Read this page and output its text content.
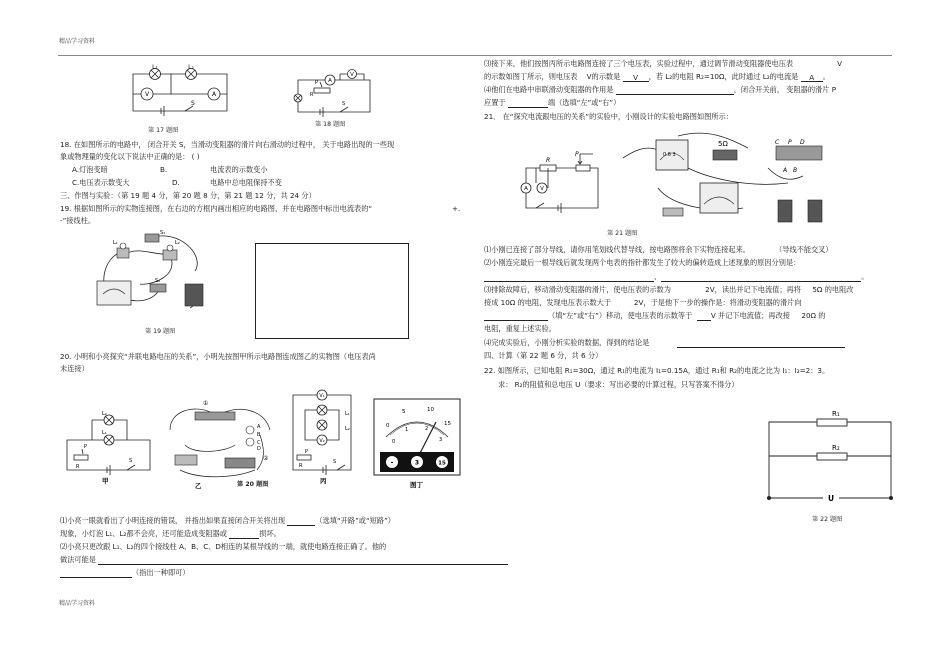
精品学习资料
精品学习资料
L₁	L₂
V	A
S
第 17 题图
A
V
P
R
S
第 18 题图
18. 在如图所示的电路中， 闭合开关 S，当滑动变阻器的滑片向右滑动的过程中， 关于电路出现的一些现
象或物理量的变化以下说法中正确的是： ( )
A.灯泡变暗	B.	电流表的示数变小
C.电压表示数变大	D.	电路中总电阻保持不变
三、作图与实验：（第 19 题 4 分，第 20 题 8 分，第 21 题 12 分，共 24 分）
19. 根据如图所示的实物连接图，在右边的方框内画出相应的电路图，并在电路图中标出电流表的“	+.
-”接线柱。
L₁	L₂
S₁
S₂
第 19 题图
20. 小明和小亮探究“并联电路电压的关系”，小明先按图甲所示电路图连成图乙的实物图（电压表尚
未连接）
L₂
L₁
P
R
S
甲
①
②
A
B
C
D
乙	第 20 题图
V₁
V₂
L₁
L₂
R
P
S
丙
0
5	10
15
0
1	2
3
-	3	15
图丁
⑴小亮一眼就看出了小明连接的错误， 并指出如果直接闭合开关将出现	（选填“开路”或“短路”）
现象，小灯泡 L₁、L₂都不会亮，还可能造成变阻器或	损坏。
⑵小亮只更改跟 L₁、L₂的四个接线柱 A、B、C、D相连的某根导线的一端，就使电路连接正确了。他的
做法可能是
（指出一种即可）
⑶接下来，他们按图丙所示电路图连接了三个电压表，实验过程中，通过调节滑动变阻器使电压表	V
的示数如图丁所示，则电压表 V的示数是 V ，若 L₂的电阻 R₂=10Ω，此时通过 L₂的电流是 A 。
⑷他们在电路中串联滑动变阻器的作用是	，闭合开关前， 变阻器的滑片 P
应置于	端（选填“左”或“右”）
21． 在“探究电流跟电压的关系”的实验中，小刚设计的实验电路图如图所示：
R
P
A V
0.6 3
5Ω	C P D
A B
第 21 题图
⑴小刚已连接了部分导线，请你用笔划线代替导线，按电路图将余下实物连接起来。	（导线不能交叉）
⑵小刚连完最后一根导线后就发现两个电表的指针都发生了较大的偏转造成上述现象的原因分别是：
、	。
⑶排除故障后，移动滑动变阻器的滑片，使电压表的示数为	2V，读出并记下电流值；再将 5Ω 的电阻改
接成 10Ω 的电阻，发现电压表示数大于	2V，于是他下一步的操作是：将滑动变阻器的滑片向
（填“左”或“右”）移动，使电压表的示数等于	V 并记下电流值；再改接 20Ω 的
电阻，重复上述实验。
⑷完成实验后，小刚分析实验的数据，得到的结论是
四、计算（第 22 题 6 分，共 6 分）
22. 如图所示，已知电阻 R₁=30Ω，通过 R₁的电流为 I₁=0.15A，通过 R₁和 R₂的电流之比为 I₁：I₂=2：3。
求： R₂的阻值和总电压 U（要求：写出必要的计算过程，只写答案不得分）
R₁
R₂
U
第 22 题图
